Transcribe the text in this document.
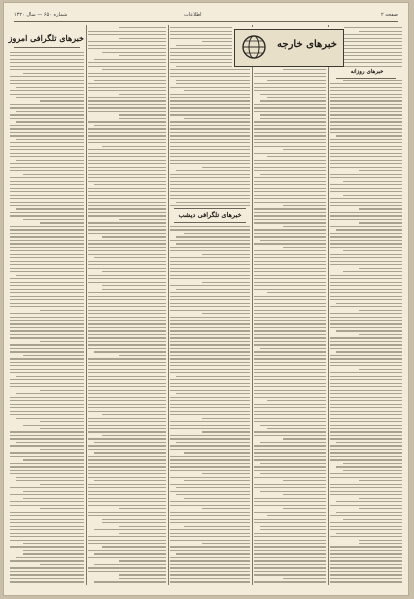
صفحه ۲
اطلاعات
شماره ۶۵۰ — سال ۱۳۲۰
خبرهای خارجه
خبرهای روزانه
خبرهای تلگرافی دیشب
خبرهای تلگرافی امروز
